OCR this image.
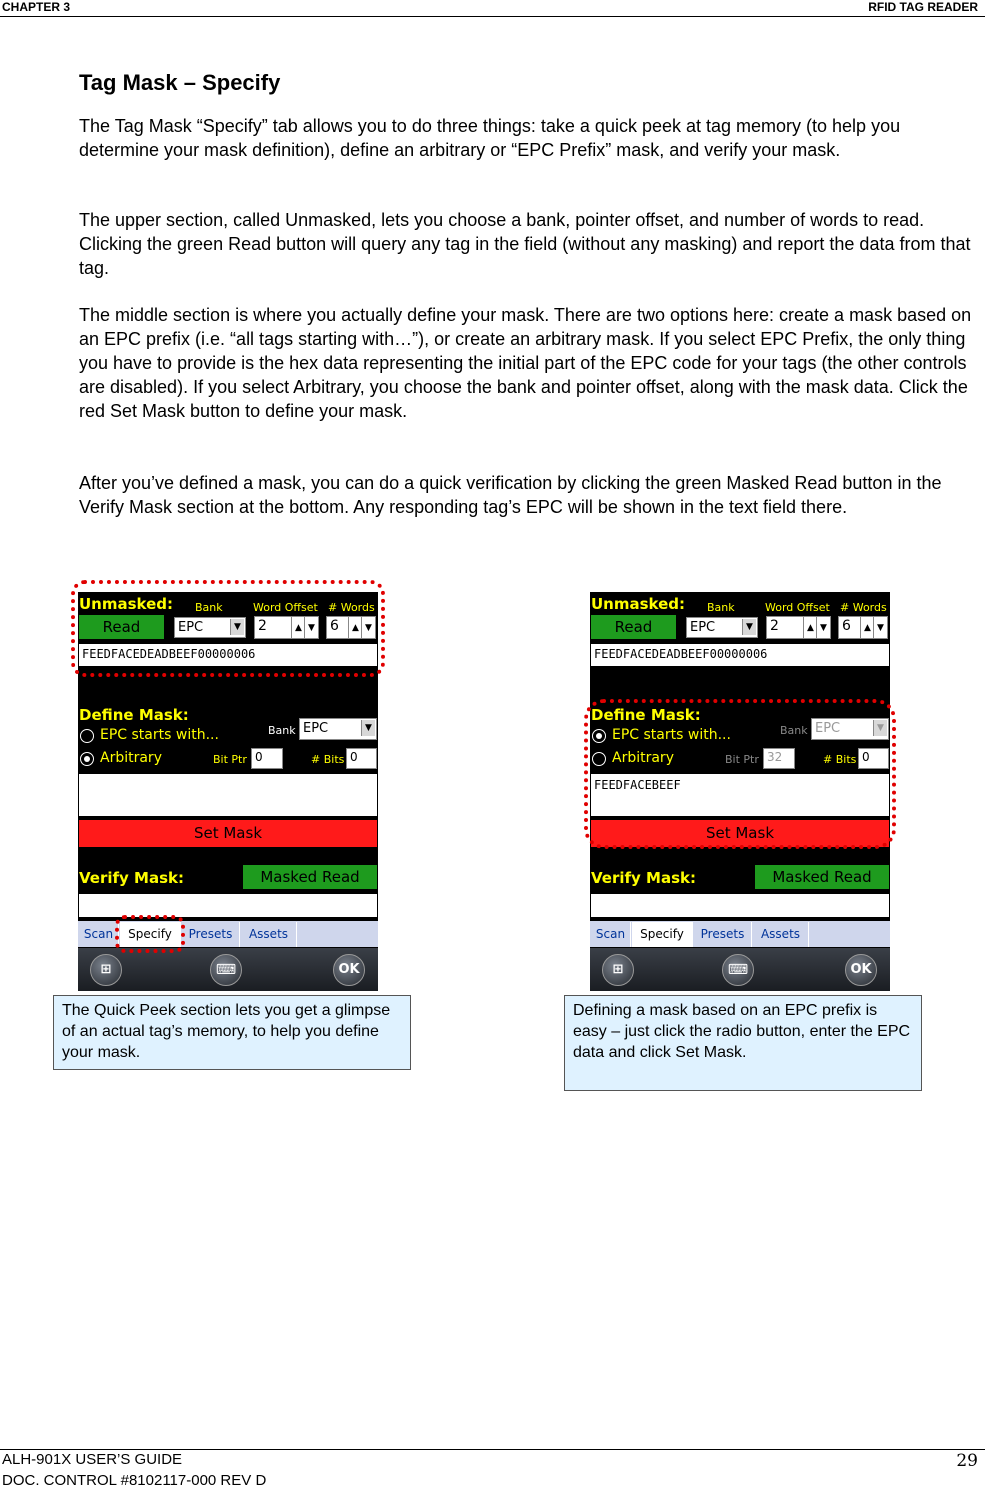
CHAPTER 3	RFID TAG READER
Tag Mask – Specify

The Tag Mask “Specify” tab allows you to do three things: take a quick peek at tag memory (to help you determine your mask definition), define an arbitrary or “EPC Prefix” mask, and verify your mask.

The upper section, called Unmasked, lets you choose a bank, pointer offset, and number of words to read. Clicking the green Read button will query any tag in the field (without any masking) and report the data from that tag.

The middle section is where you actually define your mask. There are two options here: create a mask based on an EPC prefix (i.e. “all tags starting with…”), or create an arbitrary mask. If you select EPC Prefix, the only thing you have to provide is the hex data representing the initial part of the EPC code for your tags (the other controls are disabled). If you select Arbitrary, you choose the bank and pointer offset, along with the mask data. Click the red Set Mask button to define your mask.

After you’ve defined a mask, you can do a quick verification by clicking the green Masked Read button in the Verify Mask section at the bottom. Any responding tag’s EPC will be shown in the text field there.

Unmasked: Bank	Word Offset # Words
Read	EPC	▼ 2	▲ ▼ 6	▲ ▼
FEEDFACEDEADBEEF00000006
Define Mask:
Bank EPC	▼
EPC starts with...
Arbitrary	Bit Ptr 0	# Bits 0
Set Mask
Verify Mask:	Masked Read
Scan	Specify	Presets	Assets
⊞	⌨	OK
Unmasked: Bank	Word Offset # Words
Read	EPC	▼ 2	▲ ▼ 6	▲ ▼
FEEDFACEDEADBEEF00000006
Define Mask:
Bank EPC	▼
EPC starts with...
Arbitrary	Bit Ptr 32	# Bits 0
FEEDFACEBEEF
Set Mask
Verify Mask:	Masked Read
Scan	Specify	Presets	Assets
⊞	⌨	OK
The Quick Peek section lets you get a glimpse of an actual tag’s memory, to help you define your mask.
Defining a mask based on an EPC prefix is easy – just click the radio button, enter the EPC data and click Set Mask.
ALH-901X USER’S GUIDE
DOC. CONTROL #8102117-000 REV D
29
